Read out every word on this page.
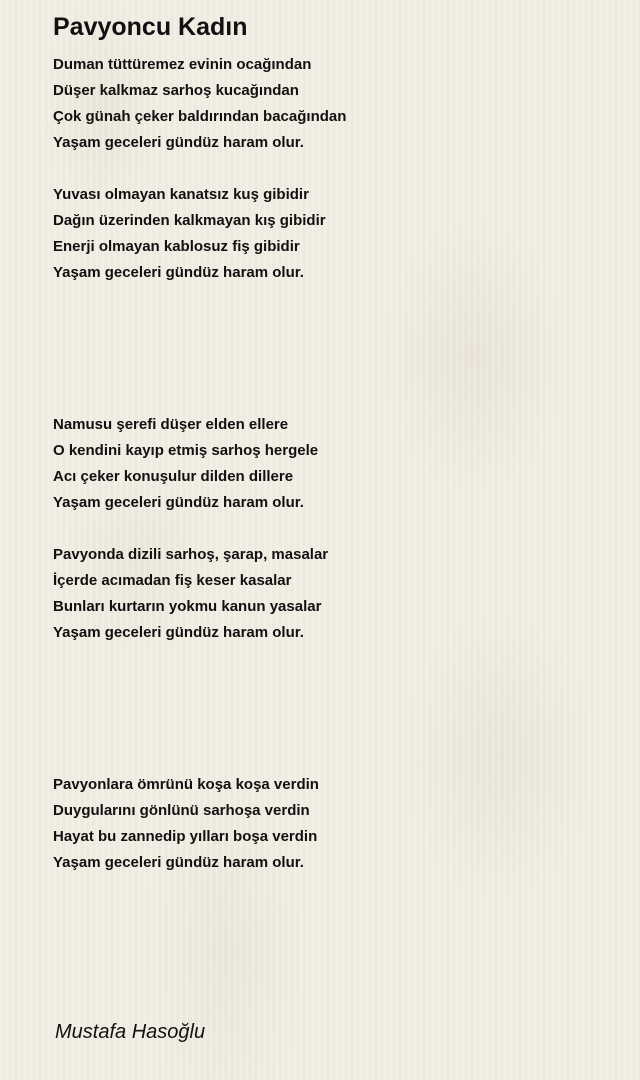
Pavyoncu Kadın
Duman tüttüremez evinin ocağından
Düşer kalkmaz sarhoş kucağından
Çok günah çeker baldırından bacağından
Yaşam geceleri gündüz haram olur.
Yuvası olmayan kanatsız kuş gibidir
Dağın üzerinden kalkmayan kış gibidir
Enerji olmayan kablosuz fiş gibidir
Yaşam geceleri gündüz haram olur.
Namusu şerefi düşer elden ellere
O kendini kayıp etmiş sarhoş hergele
Acı çeker konuşulur dilden dillere
Yaşam geceleri gündüz haram olur.
Pavyonda dizili sarhoş, şarap, masalar
İçerde acımadan fiş keser kasalar
Bunları kurtarın yokmu kanun yasalar
Yaşam geceleri gündüz haram olur.
Pavyonlara ömrünü koşa koşa verdin
Duygularını gönlünü sarhoşa verdin
Hayat bu zannedip yılları boşa verdin
Yaşam geceleri gündüz haram olur.
Mustafa Hasoğlu
